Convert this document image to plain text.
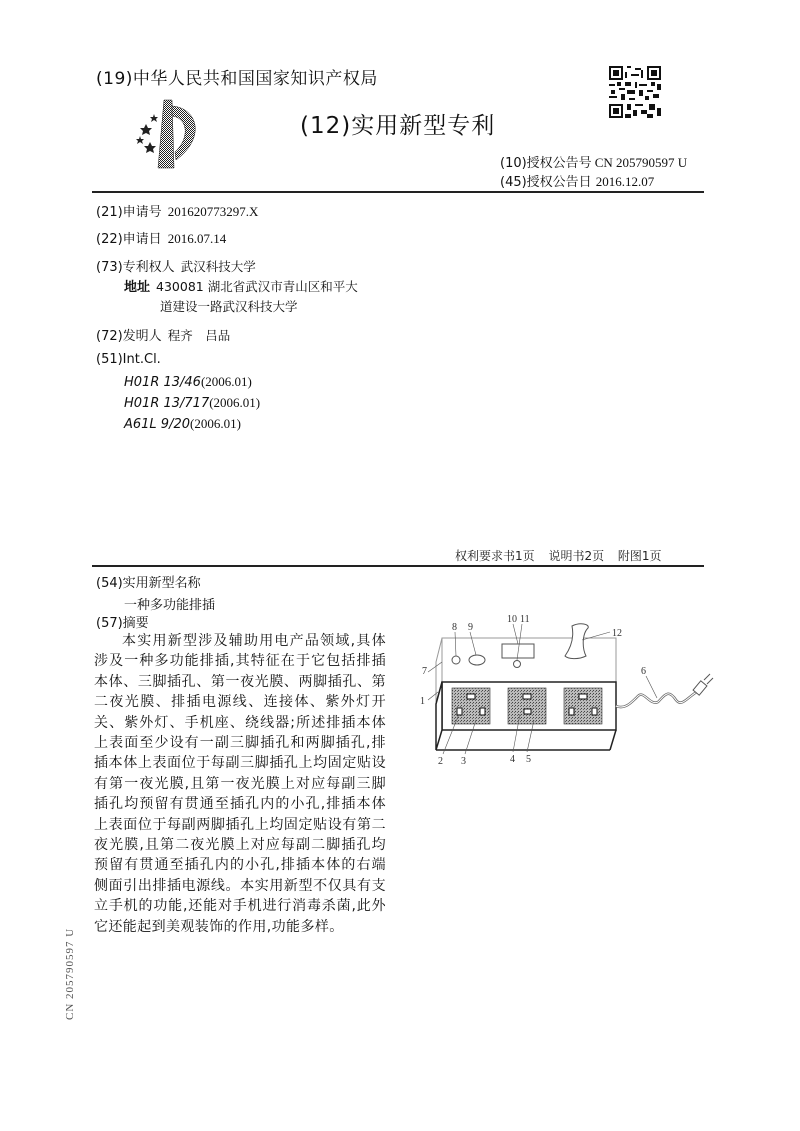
(19)中华人民共和国国家知识产权局
(12)实用新型专利
(10)授权公告号 CN 205790597 U
(45)授权公告日 2016.12.07
(21)申请号 201620773297.X
(22)申请日 2016.07.14
(73)专利权人 武汉科技大学
地址 430081 湖北省武汉市青山区和平大
道建设一路武汉科技大学
(72)发明人 程齐　吕品
(51)Int.Cl.
H01R 13/46(2006.01)
H01R 13/717(2006.01)
A61L 9/20(2006.01)
权利要求书1页 说明书2页 附图1页
(54)实用新型名称
一种多功能排插
(57)摘要
本实用新型涉及辅助用电产品领域,具体涉及一种多功能排插,其特征在于它包括排插本体、三脚插孔、第一夜光膜、两脚插孔、第二夜光膜、排插电源线、连接体、紫外灯开关、紫外灯、手机座、绕线器;所述排插本体上表面至少设有一副三脚插孔和两脚插孔,排插本体上表面位于每副三脚插孔上均固定贴设有第一夜光膜,且第一夜光膜上对应每副三脚插孔均预留有贯通至插孔内的小孔,排插本体上表面位于每副两脚插孔上均固定贴设有第二夜光膜,且第二夜光膜上对应每副二脚插孔均预留有贯通至插孔内的小孔,排插本体的右端侧面引出排插电源线。本实用新型不仅具有支立手机的功能,还能对手机进行消毒杀菌,此外它还能起到美观装饰的作用,功能多样。
CN 205790597 U
8 9
10 11
12
6
7
1
2 3	4 5
